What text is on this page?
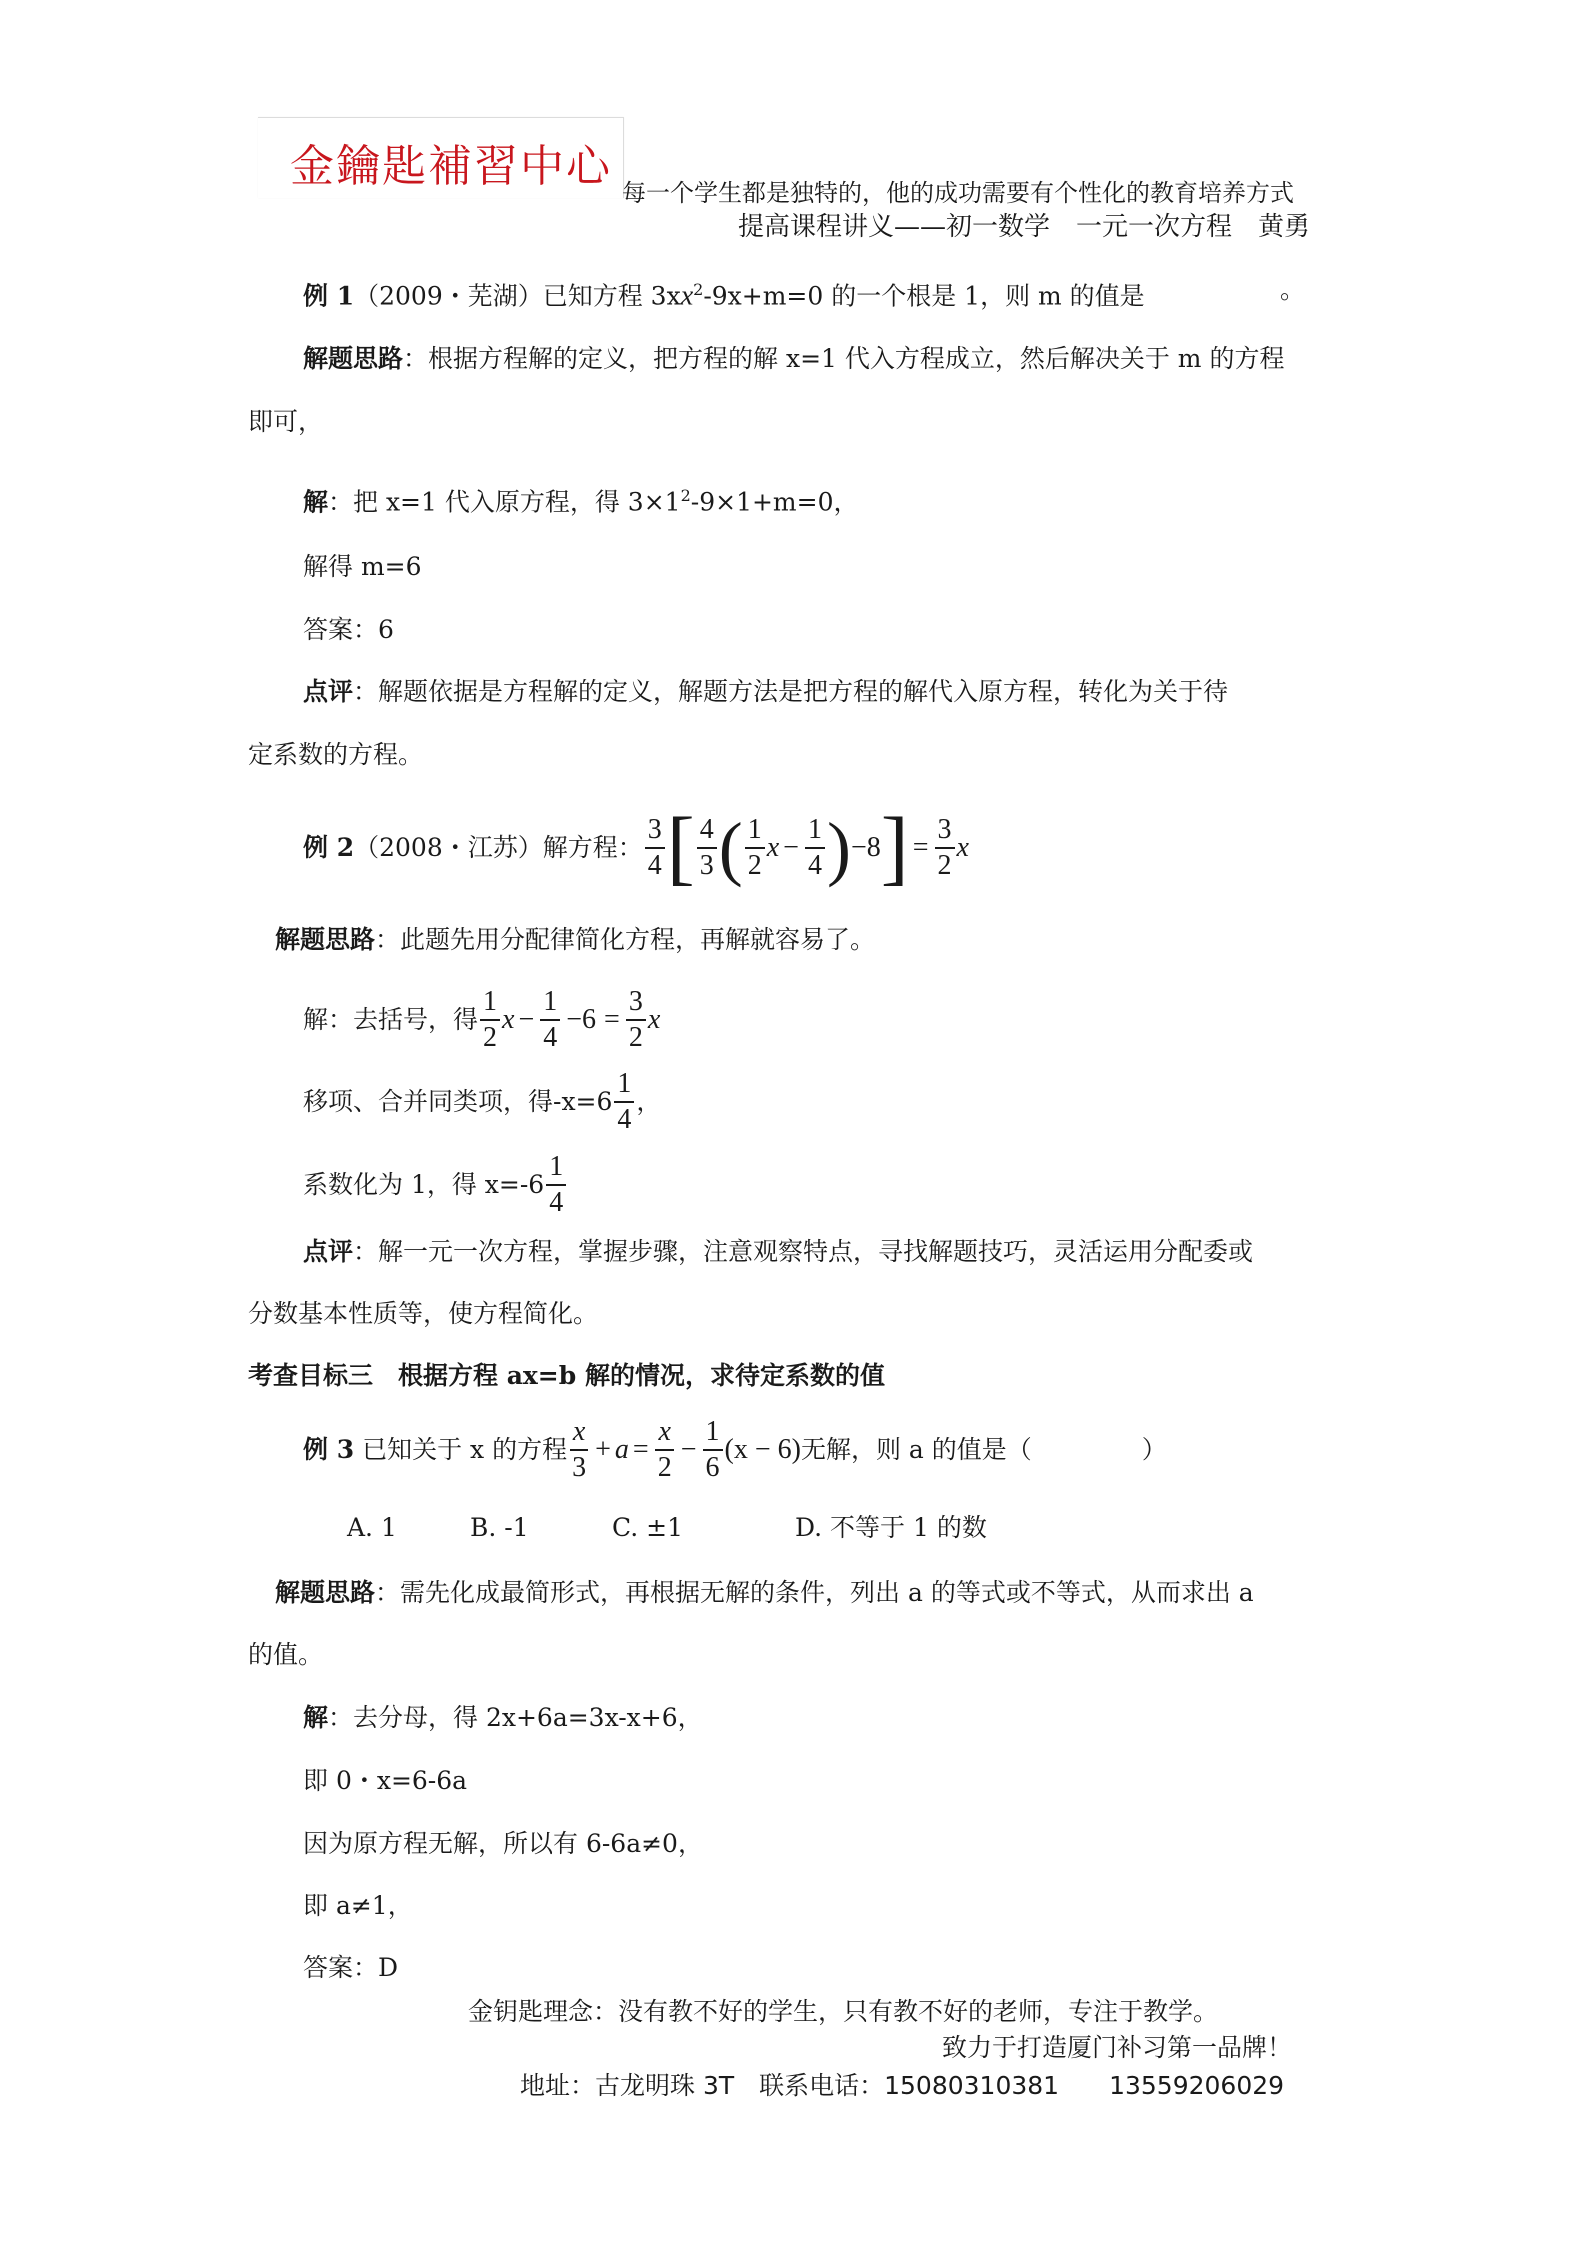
金鑰匙補習中心
每一个学生都是独特的，他的成功需要有个性化的教育培养方式
提高课程讲义——初一数学　一元一次方程　黄勇
例 1（2009・芜湖）已知方程 $3xx^2-9x+m=0$ 的一个根是 1，则 m 的值是	。
解题思路：根据方程解的定义，把方程的解 x=1 代入方程成立，然后解决关于 m 的方程
即可，
解：把 x=1 代入原方程，得 $3\times 1^2-9\times 1+m=0$，
解得 m=6
答案：6
点评：解题依据是方程解的定义，解题方法是把方程的解代入原方程，转化为关于待
定系数的方程。
例 2 （2008・江苏） 解方程： $\frac{3}{4}$ [ $\frac{4}{3}$ ( $\frac{1}{2}$ $x - \frac{1}{4}$ ) −8 ] = $\frac{3}{2}$ x
解题思路：此题先用分配律简化方程，再解就容易了。
解：去括号，得 $\frac{1}{2}$ $x - \frac{1}{4} -6 = \frac{3}{2}$ x
移项、合并同类项，得$-x=6 \frac{1}{4}$ ，
系数化为 1，得 $x=-6 \frac{1}{4}$
点评：解一元一次方程，掌握步骤，注意观察特点，寻找解题技巧，灵活运用分配委或
分数基本性质等，使方程简化。
考查目标三　根据方程 ax=b 解的情况，求待定系数的值
例 3 已知关于 x 的方程 $\frac{x}{3} + a = \frac{x}{2} - \frac{1}{6} (x - 6)$ 无解，则 a 的值是（	）
A. 1	B. -1	C. ±1	D. 不等于 1 的数
解题思路：需先化成最简形式，再根据无解的条件，列出 a 的等式或不等式，从而求出 a
的值。
解：去分母，得 2x+6a=3x-x+6，
即 0・x=6-6a
因为原方程无解，所以有 6-6a≠0，
即 a≠1，
答案：D
金钥匙理念：没有教不好的学生，只有教不好的老师，专注于教学。
致力于打造厦门补习第一品牌！
地址：古龙明珠 3T　联系电话：15080310381　　13559206029
